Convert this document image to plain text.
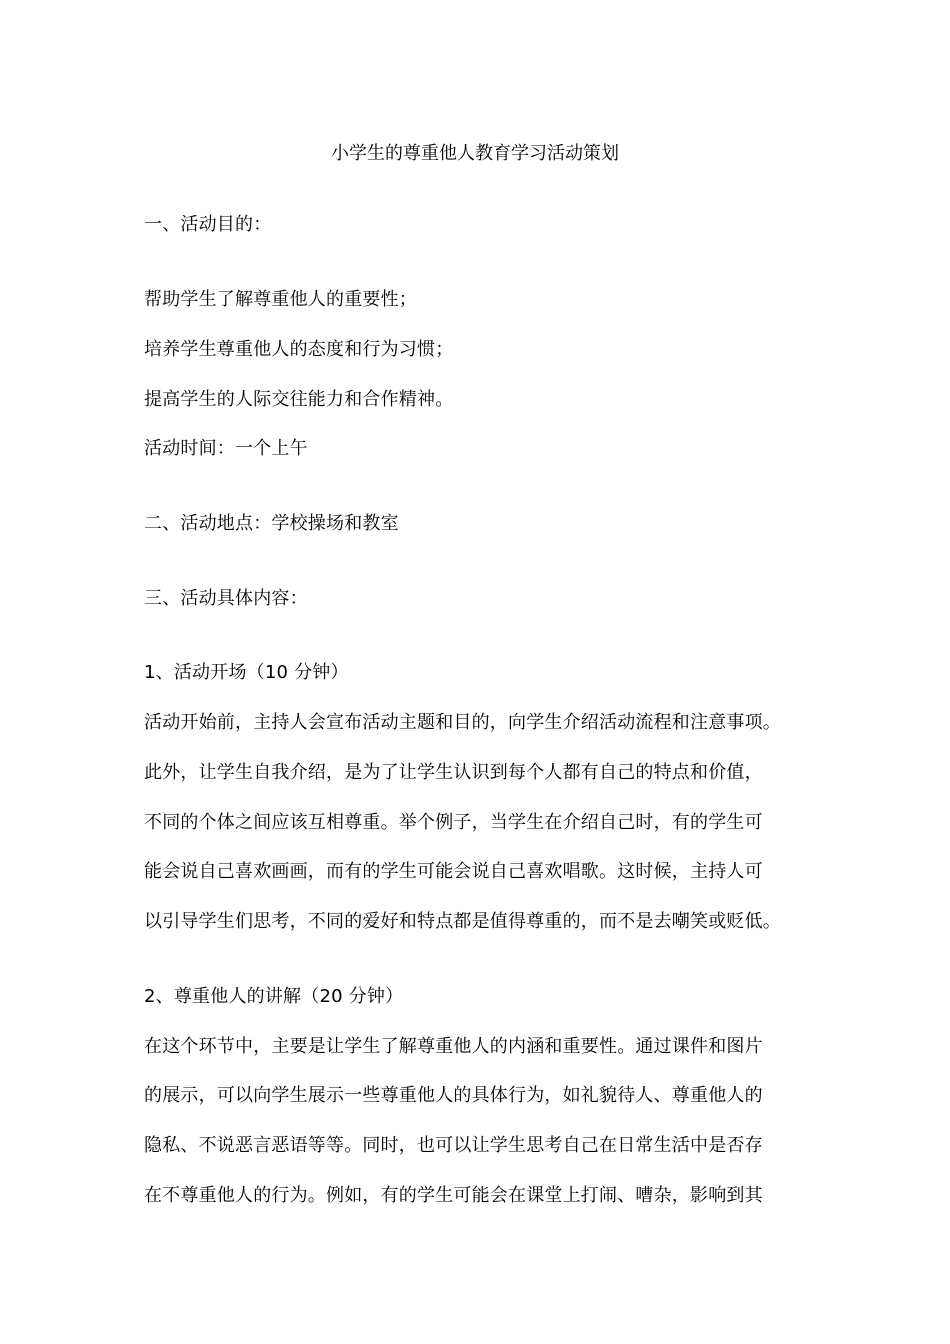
小学生的尊重他人教育学习活动策划
一、活动目的：
帮助学生了解尊重他人的重要性；
培养学生尊重他人的态度和行为习惯；
提高学生的人际交往能力和合作精神。
活动时间：一个上午
二、活动地点：学校操场和教室
三、活动具体内容：
1、活动开场（10 分钟）
活动开始前，主持人会宣布活动主题和目的，向学生介绍活动流程和注意事项。
此外，让学生自我介绍，是为了让学生认识到每个人都有自己的特点和价值，
不同的个体之间应该互相尊重。举个例子，当学生在介绍自己时，有的学生可
能会说自己喜欢画画，而有的学生可能会说自己喜欢唱歌。这时候，主持人可
以引导学生们思考，不同的爱好和特点都是值得尊重的，而不是去嘲笑或贬低。
2、尊重他人的讲解（20 分钟）
在这个环节中，主要是让学生了解尊重他人的内涵和重要性。通过课件和图片
的展示，可以向学生展示一些尊重他人的具体行为，如礼貌待人、尊重他人的
隐私、不说恶言恶语等等。同时，也可以让学生思考自己在日常生活中是否存
在不尊重他人的行为。例如，有的学生可能会在课堂上打闹、嘈杂，影响到其
